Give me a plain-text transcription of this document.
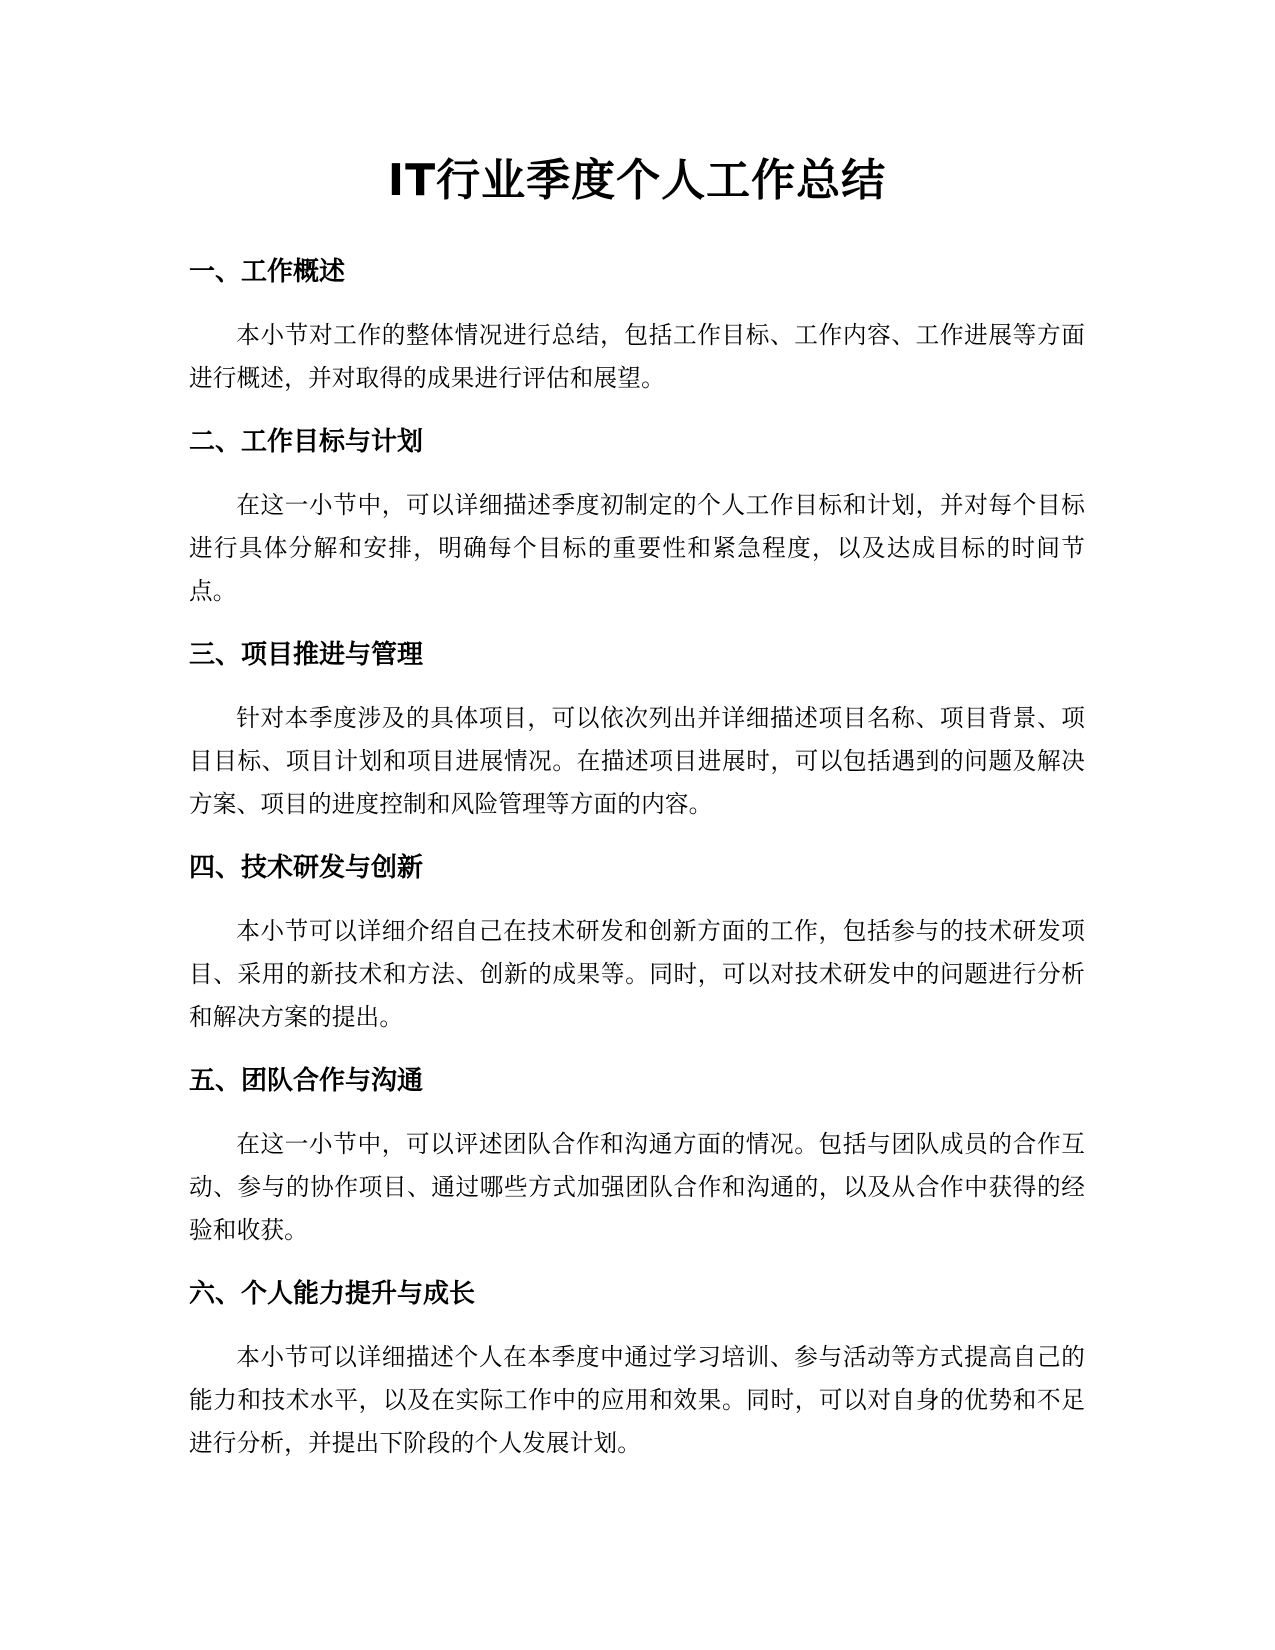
IT行业季度个人工作总结
一、工作概述

本小节对工作的整体情况进行总结，包括工作目标、工作内容、工作进展等方面进行概述，并对取得的成果进行评估和展望。

二、工作目标与计划

在这一小节中，可以详细描述季度初制定的个人工作目标和计划，并对每个目标进行具体分解和安排，明确每个目标的重要性和紧急程度，以及达成目标的时间节点。

三、项目推进与管理

针对本季度涉及的具体项目，可以依次列出并详细描述项目名称、项目背景、项目目标、项目计划和项目进展情况。在描述项目进展时，可以包括遇到的问题及解决方案、项目的进度控制和风险管理等方面的内容。

四、技术研发与创新

本小节可以详细介绍自己在技术研发和创新方面的工作，包括参与的技术研发项目、采用的新技术和方法、创新的成果等。同时，可以对技术研发中的问题进行分析和解决方案的提出。

五、团队合作与沟通

在这一小节中，可以评述团队合作和沟通方面的情况。包括与团队成员的合作互动、参与的协作项目、通过哪些方式加强团队合作和沟通的，以及从合作中获得的经验和收获。

六、个人能力提升与成长

本小节可以详细描述个人在本季度中通过学习培训、参与活动等方式提高自己的能力和技术水平，以及在实际工作中的应用和效果。同时，可以对自身的优势和不足进行分析，并提出下阶段的个人发展计划。
